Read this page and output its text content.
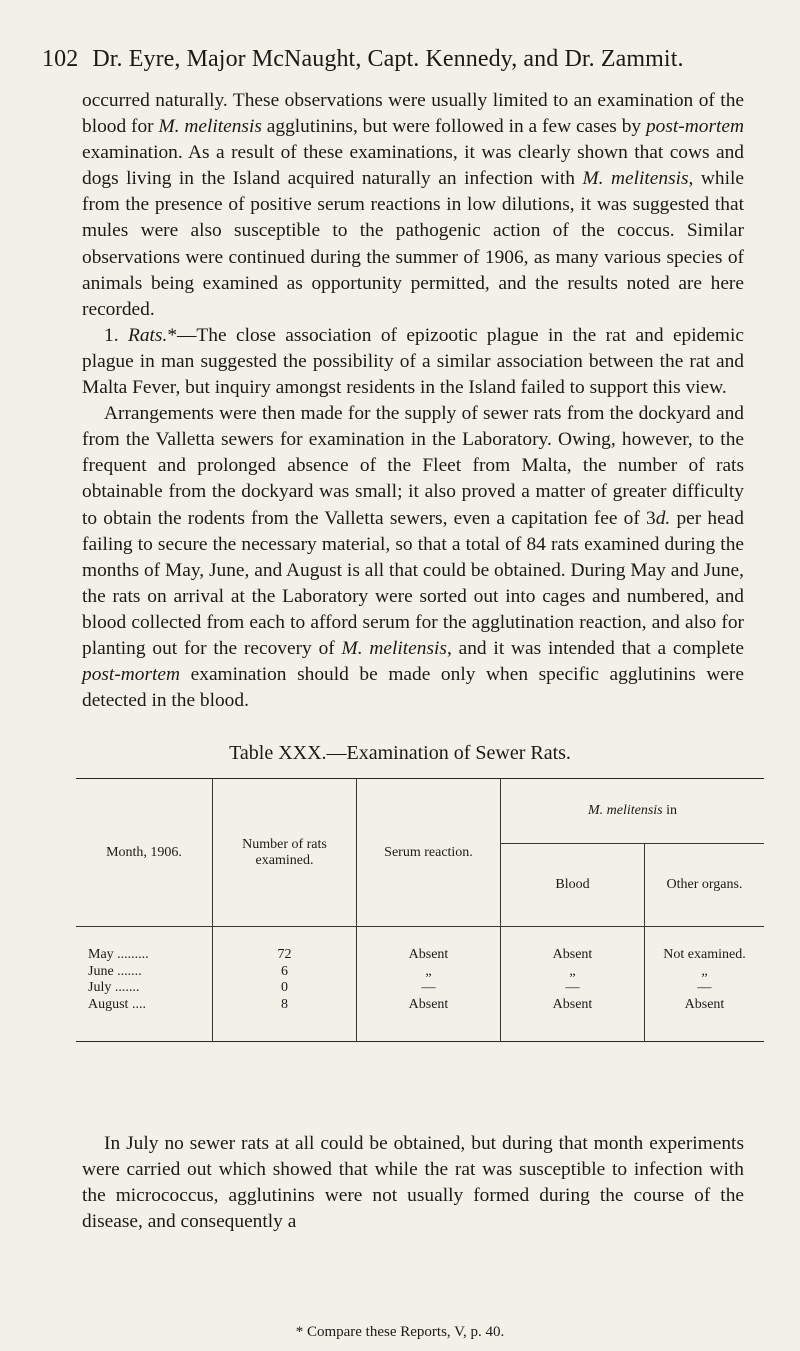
102 Dr. Eyre, Major McNaught, Capt. Kennedy, and Dr. Zammit.

occurred naturally. These observations were usually limited to an examination of the blood for M. melitensis agglutinins, but were followed in a few cases by post-mortem examination. As a result of these examinations, it was clearly shown that cows and dogs living in the Island acquired naturally an infection with M. melitensis, while from the presence of positive serum reactions in low dilutions, it was suggested that mules were also susceptible to the pathogenic action of the coccus. Similar observations were continued during the summer of 1906, as many various species of animals being examined as opportunity permitted, and the results noted are here recorded.

1. Rats.*—The close association of epizootic plague in the rat and epidemic plague in man suggested the possibility of a similar association between the rat and Malta Fever, but inquiry amongst residents in the Island failed to support this view.

Arrangements were then made for the supply of sewer rats from the dockyard and from the Valletta sewers for examination in the Laboratory. Owing, however, to the frequent and prolonged absence of the Fleet from Malta, the number of rats obtainable from the dockyard was small; it also proved a matter of greater difficulty to obtain the rodents from the Valletta sewers, even a capitation fee of 3d. per head failing to secure the necessary material, so that a total of 84 rats examined during the months of May, June, and August is all that could be obtained. During May and June, the rats on arrival at the Laboratory were sorted out into cages and numbered, and blood collected from each to afford serum for the agglutination reaction, and also for planting out for the recovery of M. melitensis, and it was intended that a complete post-mortem examination should be made only when specific agglutinins were detected in the blood.

Table XXX.—Examination of Sewer Rats.
Month, 1906.	Number of rats examined.	Serum reaction.	M. melitensis in	
			Blood	Other organs.
May .........	72	Absent	Absent	Not examined.
June .......	6	„	„	„
July .......	0	—	—	—
August ....	8	Absent	Absent	Absent

In July no sewer rats at all could be obtained, but during that month experiments were carried out which showed that while the rat was susceptible to infection with the micrococcus, agglutinins were not usually formed during the course of the disease, and consequently a

* Compare these Reports, V, p. 40.
